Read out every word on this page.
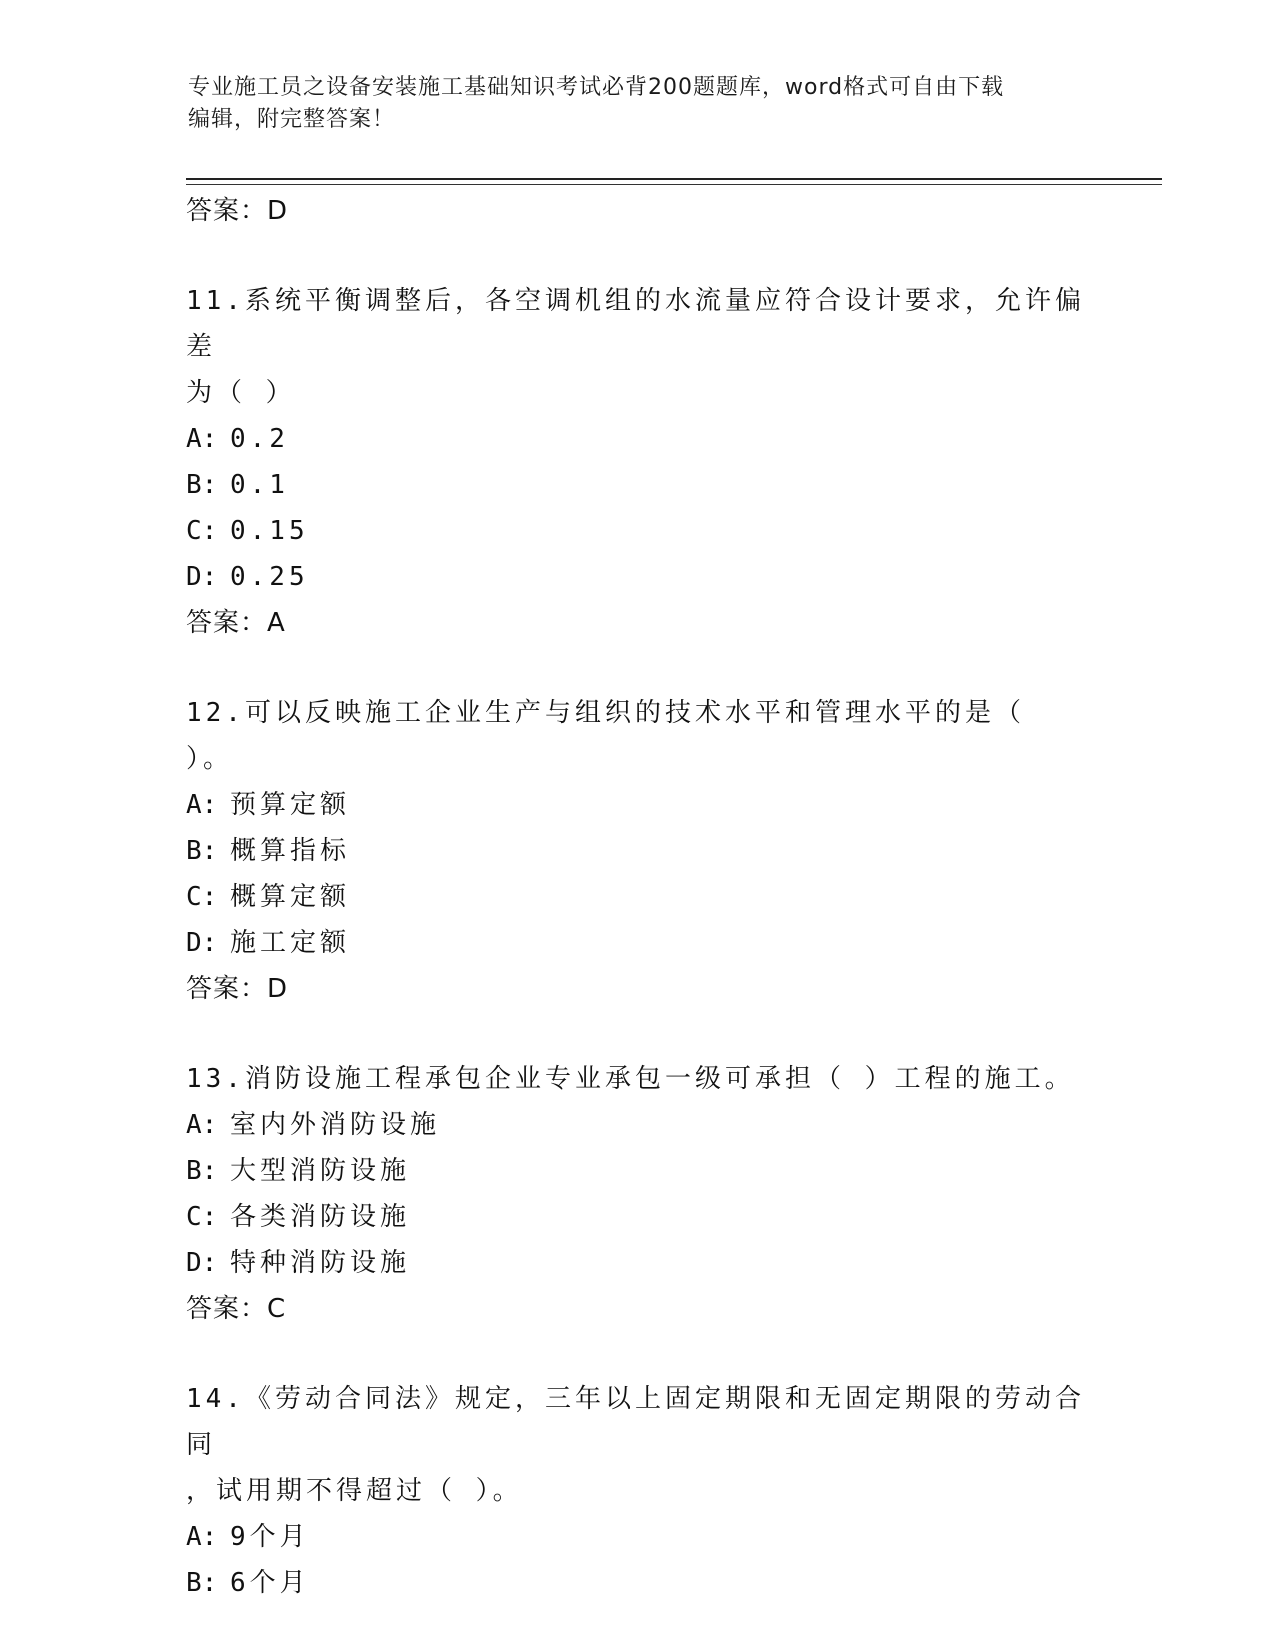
专业施工员之设备安装施工基础知识考试必背200题题库，word格式可自由下载
编辑，附完整答案！

答案：D

11.系统平衡调整后，各空调机组的水流量应符合设计要求，允许偏差
为（ ）

A: 0.2

B: 0.1

C: 0.15

D: 0.25

答案：A

12.可以反映施工企业生产与组织的技术水平和管理水平的是（ ）。

A: 预算定额

B: 概算指标

C: 概算定额

D: 施工定额

答案：D

13.消防设施工程承包企业专业承包一级可承担（ ）工程的施工。

A: 室内外消防设施

B: 大型消防设施

C: 各类消防设施

D: 特种消防设施

答案：C

14.《劳动合同法》规定，三年以上固定期限和无固定期限的劳动合同
，试用期不得超过（ ）。

A: 9个月

B: 6个月
